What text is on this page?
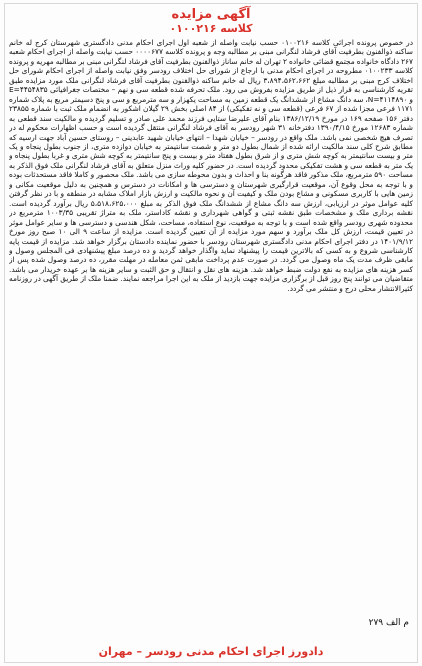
آگهی مزایده
کلاسه ۰۱۰۰۲۱۶
در خصوص پرونده اجرائی کلاسه ۰۱۰۰۲۱۶ حسب نیابت واصله از شعبه اول اجرای احکام مدنی دادگستری شهرستان کرج له خانم ساکنه ذوالفنون بطرفیت آقای فرشاد لنگرانی مبنی بر مطالبه وجه و پرونده کلاسه ۰۰۰۰۶۷۷ حسب نیابت واصله از اجرای احکام شعبه ۲۶۷ دادگاه خانواده مجتمع قضائی خانواده ۲ تهران له خانم ساناز ذوالفنون بطرفیت آقای فرشاد لنگرانی مبنی بر مطالبه مهریه و پرونده کلاسه ۰۱۰۰۲۳۳ مطروحه در اجرای احکام مدنی با ارجاع از شورای حل اختلاف رودسر وفق نیابت واصله از اجرای احکام شورای حل اختلاف کرج مبنی بر مطالبه مبلغ ۳،۸۹۴،۵۶۲،۶۶۲ ریال له خانم ساکنه ذوالفنون بطرفیت آقای فرشاد لنگرانی ملک مورد مزایده طبق تقریه کارشناسی به قرار ذیل از طریق مزایده بفروش می رود. ملک تحرفه شده قطعه سی و نهم – مختصات جغرافیائی E=۴۴۵۴۸۳۵ و N=۴۱۱۴۸۹۰، سه دانگ مشاع از ششدانگ یک قطعه زمین به مساحت یکهزار و سه مترمربع و سی و پنج دسیمتر مربع به پلاک شماره ۱۱۷۱ فرعی مجزا شده از ۶۷ فرعی (قطعه سی و نه تفکیکی) از ۸۴ اصلی بخش ۲۹ گیلان اشکور به انضمام ملک ثبت با شماره ۲۳۸۵۵ دفتر ۱۵۶ صفحه ۱۶۹ در مورخ ۱۳۸۶/۱۲/۱۹ بنام آقای علیرضا ستایی فرزند محمد علی صادر و تسلیم گردیده و مالکیت سند قطعی به شماره ۱۲۶۸۳ مورخ ۱۳۹۰/۴/۱۵ دفترخانه ۳۱ شهر رودسر به آقای فرشاد لنگرانی منتقل گردیده است و حسب اظهارات محکوم له در تصرف هیچ شخصی نمی باشد. ملک واقع در رودسر – خیابان شهدا – انتهای خیابان شهید عابدینی – روستای حسین آباد جهت ارسیه که مطابق شرح کلی سند مالکیت ارائه شده از شمال بطول دو متر و شصت سانتیمتر به خیابان دوازده متری، از جنوب بطول پنجاه و یک متر و بیست سانتیمتر به کوچه شش متری و از شرق بطول هفتاد متر و بیست و پنج سانتیمتر به کوچه شش متری و غربا بطول پنجاه و یک متر به قطعه سی و هشت تفکیکی محدود گردیده است. در حضور کلیه وراث منزل متعلق به آقای فرشاد لنگرانی ملک فوق الذکر به مساحت ۵۹۰ مترمربع، ملک مذکور فاقد هرگونه بنا و احداث و بدون محوطه سازی می باشد. ملک محصور و کاملا فاقد مستحدثات بوده و با توجه به محل وقوع آن، موقعیت قرارگیری شهرستان و دسترسی ها و امکانات در دسترس و همچنین به دلیل موقعیت مکانی و زمین هایی با کاربری مسکونی و مشاع بودن ملک و کیفیت آن و نحوه مالکیت و ارزش بازار املاک مشابه در منطقه و با در نظر گرفتن کلیه عوامل موثر در ارزیابی، ارزش سه دانگ مشاع از ششدانگ ملک فوق الذکر به مبلغ ۵،۵۱۸،۶۲۵،۰۰۰ ریال برآورد گردیده است. نقشه برداری ملک و مشخصات طبق نقشه ثبتی و گواهی شهرداری و نقشه کاداستر، ملک به متراژ تقریبی ۱۰۰۳/۳۵ مترمربع در محدوده شهری رودسر واقع شده است و با توجه به موقعیت، نوع استفاده، مساحت، شکل هندسی و دسترسی ها و سایر عوامل موثر در تعیین قیمت، ارزش کل ملک برآورد و سهم مورد مزایده از آن تعیین گردیده است. مزایده از ساعت ۹ الی ۱۰ صبح روز مورخ ۱۴۰۱/۹/۱۲ در دفتر اجرای احکام مدنی دادگستری شهرستان رودسر با حضور نماینده دادستان برگزار خواهد شد. مزایده از قیمت پایه کارشناسی شروع و به کسی که بالاترین قیمت را پیشنهاد نماید واگذار خواهد گردید و ده درصد مبلغ پیشنهادی فی المجلس وصول و مابقی ظرف مدت یک ماه وصول می گردد. در صورت عدم پرداخت مابقی ثمن معامله در مهلت مقرر، ده درصد وصول شده پس از کسر هزینه های مزایده به نفع دولت ضبط خواهد شد. هزینه های نقل و انتقال و حق الثبت و سایر هزینه ها بر عهده خریدار می باشد. متقاضیان می توانند پنج روز قبل از برگزاری مزایده جهت بازدید از ملک به این اجرا مراجعه نمایند. ضمنا ملک از طریق آگهی در روزنامه کثیرالانتشار محلی درج و منتشر می گردد.
م الف ۲۷۹
دادورز اجرای احکام مدنی رودسر – مهران
